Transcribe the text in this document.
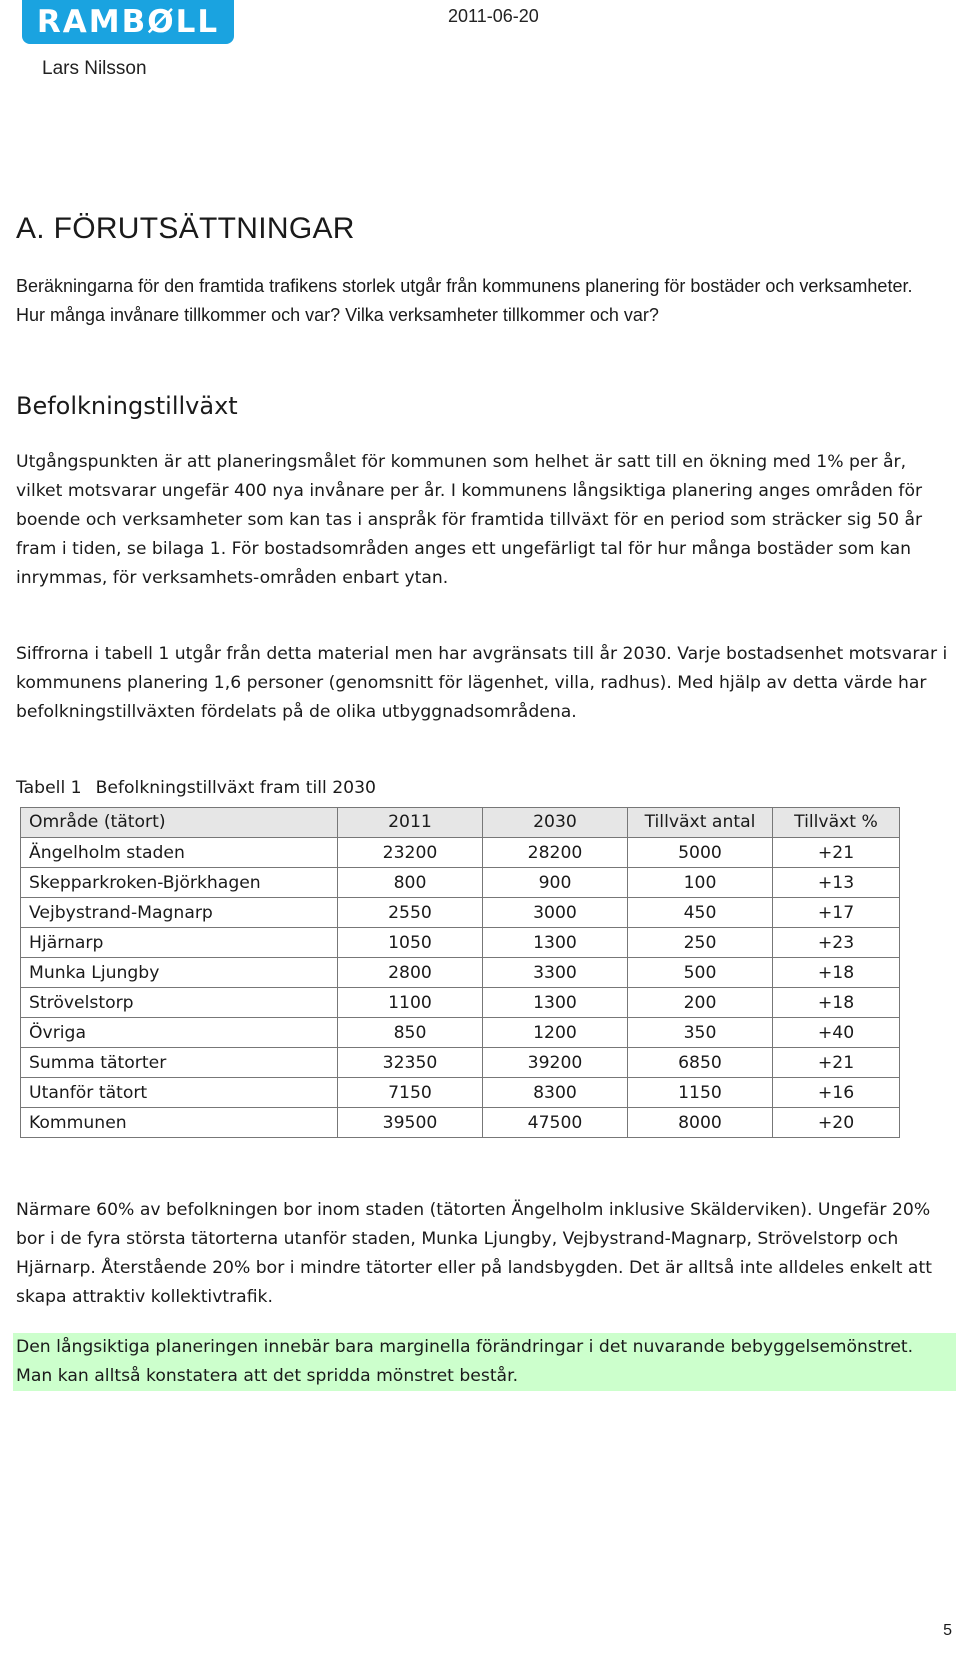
RAMBØLL	2011-06-20
Lars Nilsson
A. FÖRUTSÄTTNINGAR

Beräkningarna för den framtida trafikens storlek utgår från kommunens planering för bostäder och verksamheter. Hur många invånare tillkommer och var? Vilka verksamheter tillkommer och var?

Befolkningstillväxt

Utgångspunkten är att planeringsmålet för kommunen som helhet är satt till en ökning med 1% per år, vilket motsvarar ungefär 400 nya invånare per år. I kommunens långsiktiga planering anges områden för boende och verksamheter som kan tas i anspråk för framtida tillväxt för en period som sträcker sig 50 år fram i tiden, se bilaga 1. För bostadsområden anges ett ungefärligt tal för hur många bostäder som kan inrymmas, för verksamhets-områden enbart ytan.

Siffrorna i tabell 1 utgår från detta material men har avgränsats till år 2030. Varje bostadsenhet motsvarar i kommunens planering 1,6 personer (genomsnitt för lägenhet, villa, radhus). Med hjälp av detta värde har befolkningstillväxten fördelats på de olika utbyggnadsområdena.

Tabell 1 Befolkningstillväxt fram till 2030

Område (tätort)	2011	2030	Tillväxt antal	Tillväxt %
Ängelholm staden	23200	28200	5000	+21
Skepparkroken-Björkhagen	800	900	100	+13
Vejbystrand-Magnarp	2550	3000	450	+17
Hjärnarp	1050	1300	250	+23
Munka Ljungby	2800	3300	500	+18
Strövelstorp	1100	1300	200	+18
Övriga	850	1200	350	+40
Summa tätorter	32350	39200	6850	+21
Utanför tätort	7150	8300	1150	+16
Kommunen	39500	47500	8000	+20

Närmare 60% av befolkningen bor inom staden (tätorten Ängelholm inklusive Skälderviken). Ungefär 20% bor i de fyra största tätorterna utanför staden, Munka Ljungby, Vejbystrand-Magnarp, Strövelstorp och Hjärnarp. Återstående 20% bor i mindre tätorter eller på landsbygden. Det är alltså inte alldeles enkelt att skapa attraktiv kollektivtrafik.

Den långsiktiga planeringen innebär bara marginella förändringar i det nuvarande bebyggelsemönstret. Man kan alltså konstatera att det spridda mönstret består.

5
